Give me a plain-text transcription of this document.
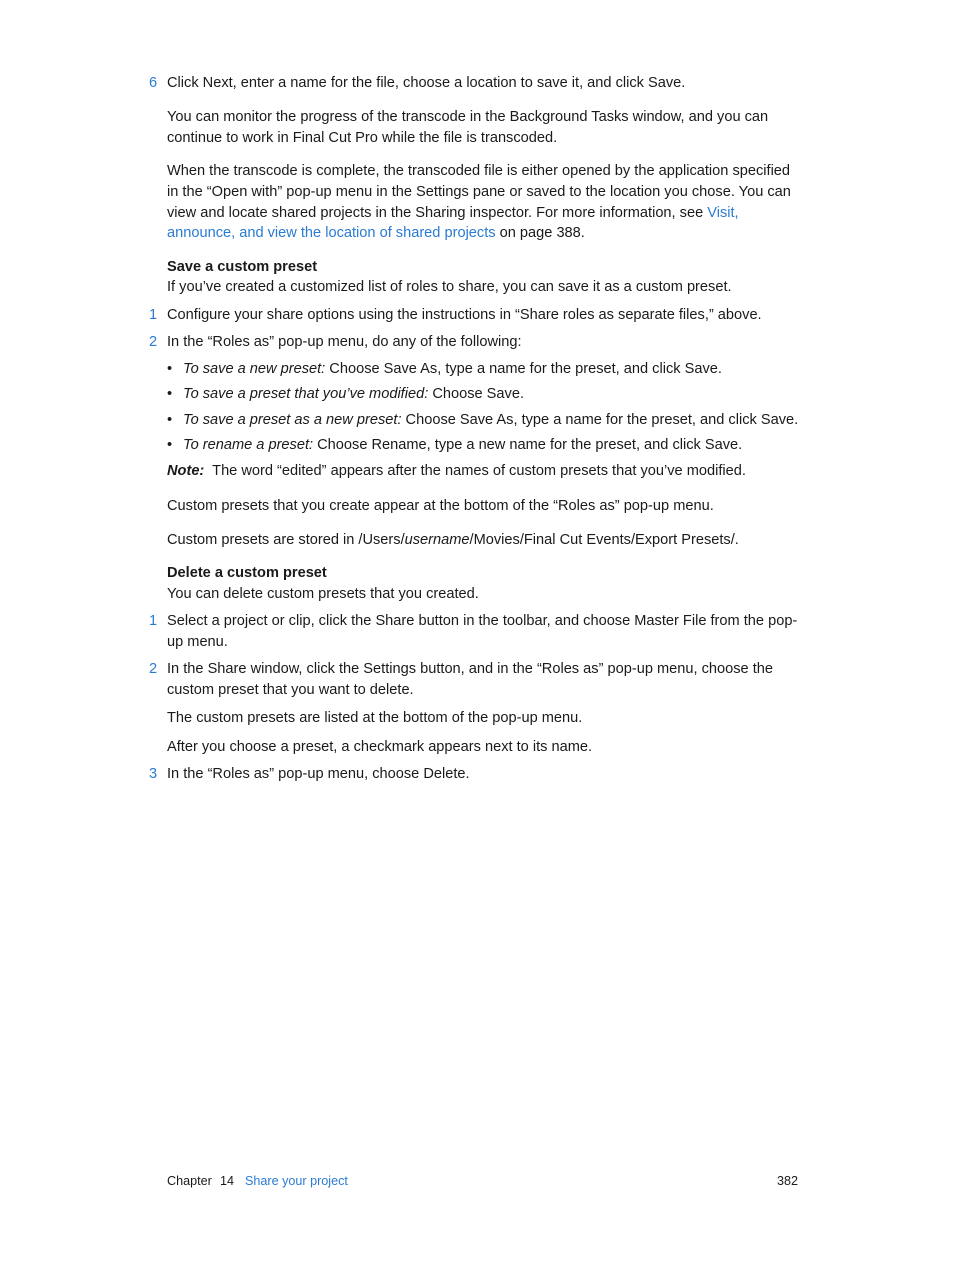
6 Click Next, enter a name for the file, choose a location to save it, and click Save.

You can monitor the progress of the transcode in the Background Tasks window, and you can continue to work in Final Cut Pro while the file is transcoded.

When the transcode is complete, the transcoded file is either opened by the application specified in the “Open with” pop-up menu in the Settings pane or saved to the location you chose. You can view and locate shared projects in the Sharing inspector. For more information, see Visit, announce, and view the location of shared projects on page 388.

Save a custom preset

If you’ve created a customized list of roles to share, you can save it as a custom preset.

1 Configure your share options using the instructions in “Share roles as separate files,” above.

2 In the “Roles as” pop-up menu, do any of the following:

• To save a new preset: Choose Save As, type a name for the preset, and click Save.

• To save a preset that you’ve modified: Choose Save.

• To save a preset as a new preset: Choose Save As, type a name for the preset, and click Save.

• To rename a preset: Choose Rename, type a new name for the preset, and click Save.

Note: The word “edited” appears after the names of custom presets that you’ve modified.

Custom presets that you create appear at the bottom of the “Roles as” pop-up menu.

Custom presets are stored in /Users/username/Movies/Final Cut Events/Export Presets/.

Delete a custom preset

You can delete custom presets that you created.

1 Select a project or clip, click the Share button in the toolbar, and choose Master File from the pop-up menu.

2 In the Share window, click the Settings button, and in the “Roles as” pop-up menu, choose the custom preset that you want to delete.

The custom presets are listed at the bottom of the pop-up menu.

After you choose a preset, a checkmark appears next to its name.

3 In the “Roles as” pop-up menu, choose Delete.

Chapter 14 Share your project	382
